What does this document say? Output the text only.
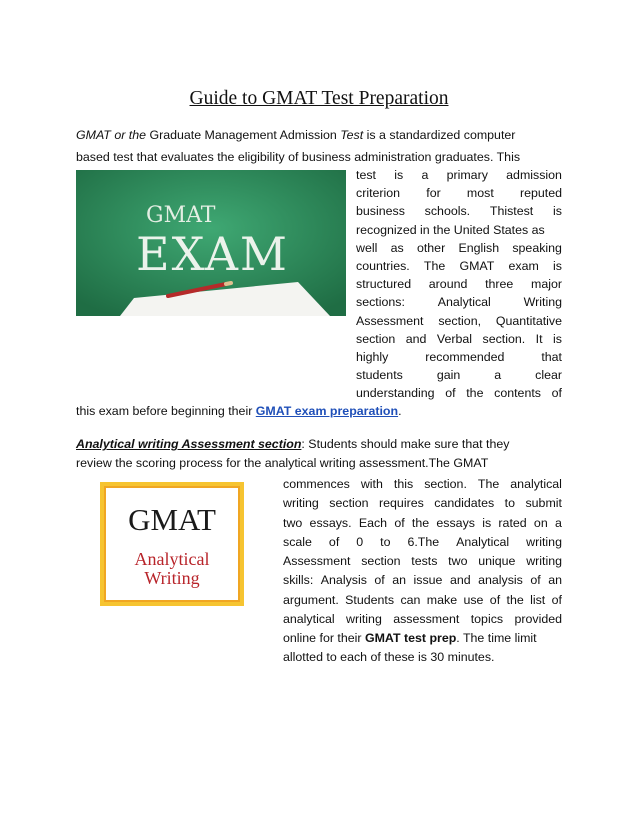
Guide to GMAT Test Preparation
GMAT or the Graduate Management Admission Test is a standardized computer
based test that evaluates the eligibility of business administration graduates. This
test is a primary admission
criterion for most reputed
business schools. Thistest is
recognized in the United States as
well as other English speaking
countries. The GMAT exam is
structured around three major
sections:	Analytical	Writing
Assessment section, Quantitative
section and Verbal section. It is
highly	recommended	that
students	gain	a	clear
understanding of the contents of
this exam before beginning their GMAT exam preparation.
GMAT
EXAM
Analytical writing Assessment section: Students should make sure that they
review the scoring process for the analytical writing assessment.The GMAT
commences with this section. The analytical
writing section requires candidates to submit
two essays. Each of the essays is rated on a
scale of 0 to 6.The Analytical writing
Assessment section tests two unique writing
skills: Analysis of an issue and analysis of an
argument. Students can make use of the list of
analytical writing assessment topics provided
online for their GMAT test prep. The time limit
allotted to each of these is 30 minutes.
GMAT
Analytical
Writing
